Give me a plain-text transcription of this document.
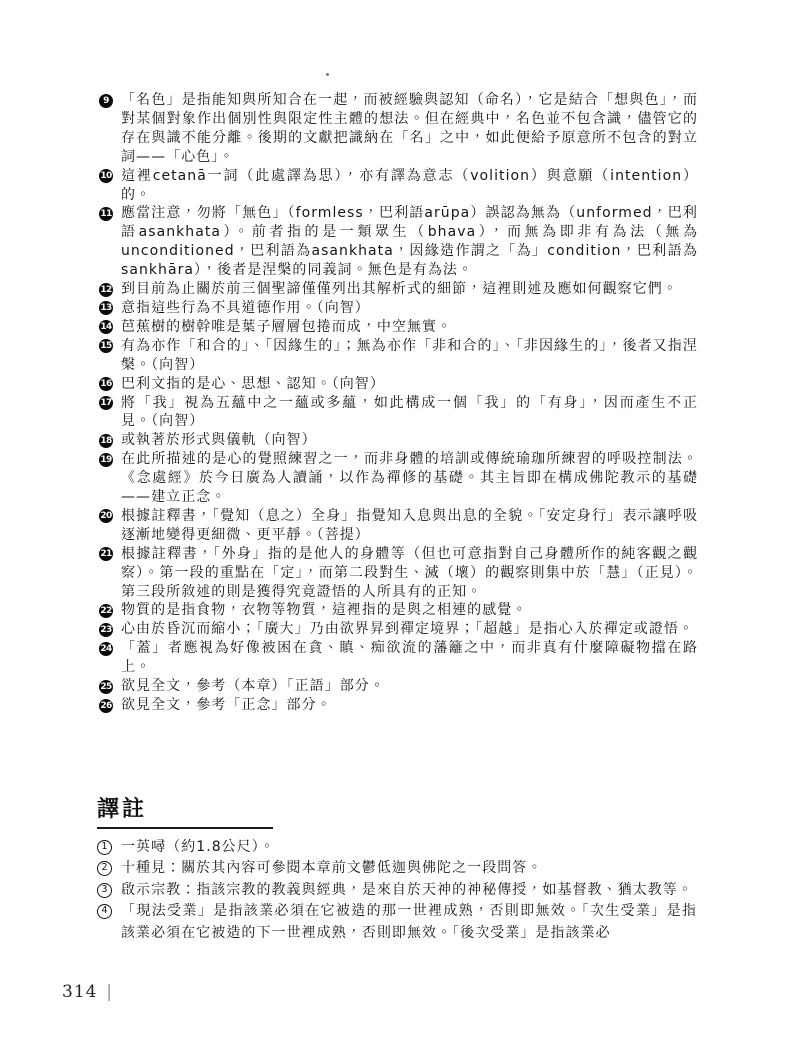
9 「名色」是指能知與所知合在一起，而被經驗與認知（命名），它是結合「想與色」，而對某個對象作出個別性與限定性主體的想法。但在經典中，名色並不包含識，儘管它的存在與識不能分離。後期的文獻把識納在「名」之中，如此便給予原意所不包含的對立詞——「心色」。

10 這裡cetanā一詞（此處譯為思），亦有譯為意志（volition）與意願（intention）的。

11 應當注意，勿將「無色」（formless，巴利語arūpa）誤認為無為（unformed，巴利語asankhata）。前者指的是一類眾生（bhava），而無為即非有為法（無為unconditioned，巴利語為asankhata，因緣造作謂之「為」condition，巴利語為sankhāra），後者是涅槃的同義詞。無色是有為法。

12 到目前為止關於前三個聖諦僅僅列出其解析式的細節，這裡則述及應如何觀察它們。

13 意指這些行為不具道德作用。（向智）

14 芭蕉樹的樹幹唯是葉子層層包捲而成，中空無實。

15 有為亦作「和合的」、「因緣生的」；無為亦作「非和合的」、「非因緣生的」，後者又指涅槃。（向智）

16 巴利文指的是心、思想、認知。（向智）

17 將「我」視為五蘊中之一蘊或多蘊，如此構成一個「我」的「有身」，因而產生不正見。（向智）

18 或執著於形式與儀軌（向智）

19 在此所描述的是心的覺照練習之一，而非身體的培訓或傳統瑜珈所練習的呼吸控制法。《念處經》於今日廣為人讀誦，以作為禪修的基礎。其主旨即在構成佛陀教示的基礎——建立正念。

20 根據註釋書，「覺知（息之）全身」指覺知入息與出息的全貌。「安定身行」表示讓呼吸逐漸地變得更細微、更平靜。（菩提）

21 根據註釋書，「外身」指的是他人的身體等（但也可意指對自己身體所作的純客觀之觀察）。第一段的重點在「定」，而第二段對生、滅（壞）的觀察則集中於「慧」（正見）。第三段所敘述的則是獲得究竟證悟的人所具有的正知。

22 物質的是指食物，衣物等物質，這裡指的是與之相連的感覺。

23 心由於昏沉而縮小；「廣大」乃由欲界昇到禪定境界；「超越」是指心入於禪定或證悟。

24 「蓋」者應視為好像被困在貪、瞋、痴欲流的藩籬之中，而非真有什麼障礙物擋在路上。

25 欲見全文，參考（本章）「正語」部分。

26 欲見全文，參考「正念」部分。

譯註
1 一英噚（約1.8公尺）。

2 十種見：關於其內容可參閱本章前文鬱低迦與佛陀之一段問答。

3 啟示宗教：指該宗教的教義與經典，是來自於天神的神秘傳授，如基督教、猶太教等。

4 「現法受業」是指該業必須在它被造的那一世裡成熟，否則即無效。「次生受業」是指該業必須在它被造的下一世裡成熟，否則即無效。「後次受業」是指該業必

314 |
